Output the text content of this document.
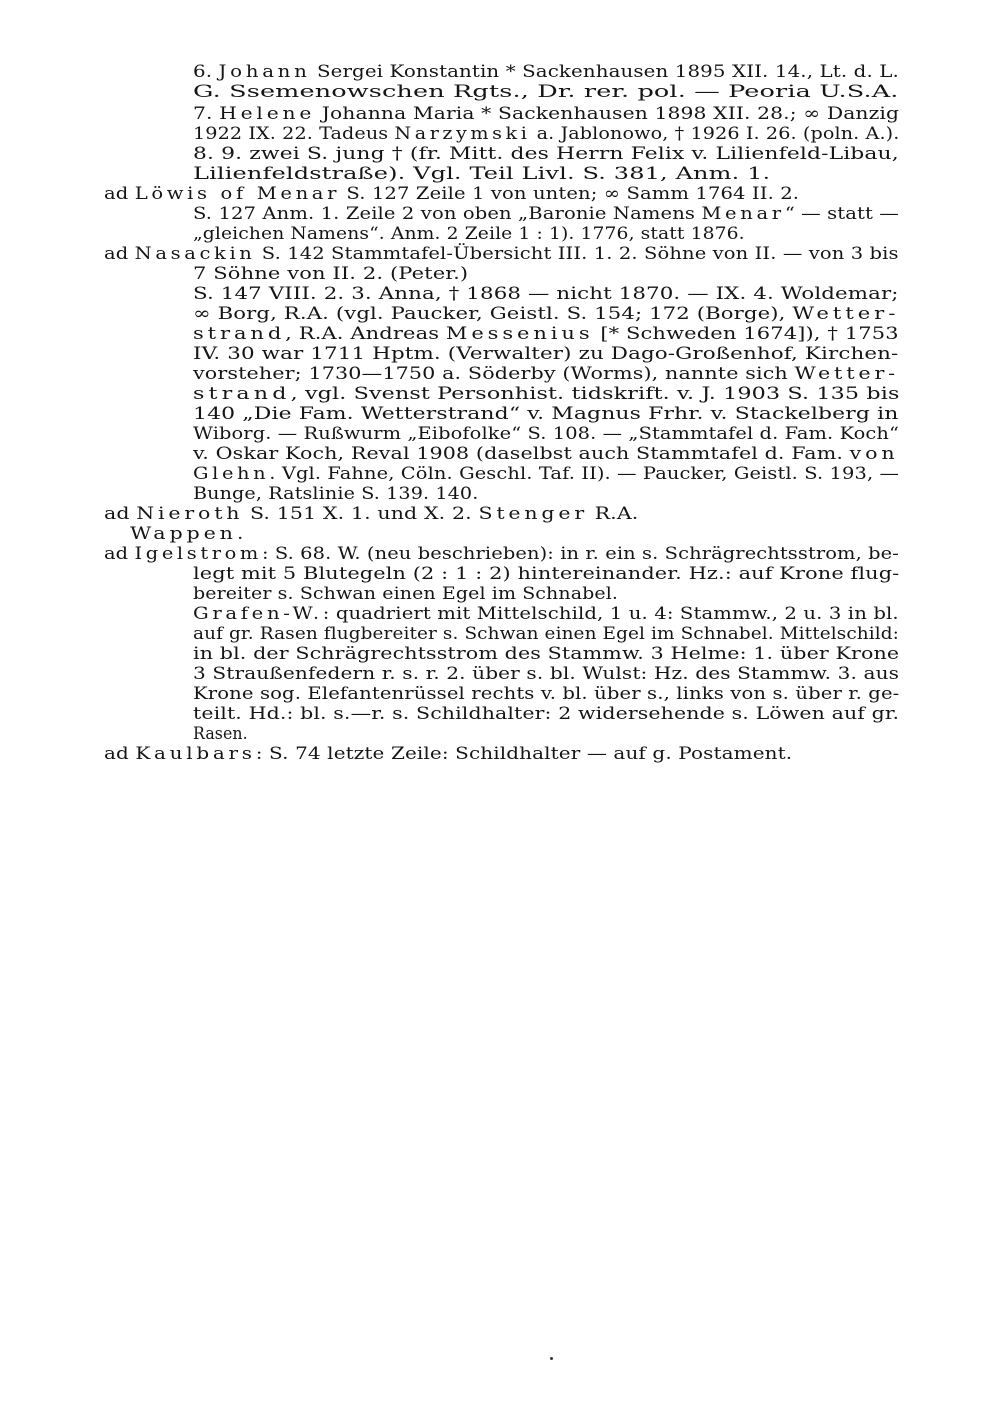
6. Johann Sergei Konstantin * Sackenhausen 1895 XII. 14., Lt. d. L.
G. Ssemenowschen Rgts., Dr. rer. pol. — Peoria U.S.A.
7. Helene Johanna Maria * Sackenhausen 1898 XII. 28.; ∞ Danzig
1922 IX. 22. Tadeus Narzymski a. Jablonowo, † 1926 I. 26. (poln. A.).
8. 9. zwei S. jung † (fr. Mitt. des Herrn Felix v. Lilienfeld-Libau,
Lilienfeldstraße). Vgl. Teil Livl. S. 381, Anm. 1.
ad Löwis of Menar S. 127 Zeile 1 von unten; ∞ Samm 1764 II. 2.
S. 127 Anm. 1. Zeile 2 von oben „Baronie Namens Menar“ — statt —
„gleichen Namens“. Anm. 2 Zeile 1 : 1). 1776, statt 1876.
ad Nasackin S. 142 Stammtafel-Übersicht III. 1. 2. Söhne von II. — von 3 bis
7 Söhne von II. 2. (Peter.)
S. 147 VIII. 2. 3. Anna, † 1868 — nicht 1870. — IX. 4. Woldemar;
∞ Borg, R.A. (vgl. Paucker, Geistl. S. 154; 172 (Borge), Wetter-
strand, R.A. Andreas Messenius [* Schweden 1674]), † 1753
IV. 30 war 1711 Hptm. (Verwalter) zu Dago-Großenhof, Kirchen-
vorsteher; 1730—1750 a. Söderby (Worms), nannte sich Wetter-
strand, vgl. Svenst Personhist. tidskrift. v. J. 1903 S. 135 bis
140 „Die Fam. Wetterstrand“ v. Magnus Frhr. v. Stackelberg in
Wiborg. — Rußwurm „Eibofolke“ S. 108. — „Stammtafel d. Fam. Koch“
v. Oskar Koch, Reval 1908 (daselbst auch Stammtafel d. Fam. von
Glehn. Vgl. Fahne, Cöln. Geschl. Taf. II). — Paucker, Geistl. S. 193, —
Bunge, Ratslinie S. 139. 140.
ad Nieroth S. 151 X. 1. und X. 2. Stenger R.A.
Wappen.
ad Igelstrom: S. 68. W. (neu beschrieben): in r. ein s. Schrägrechtsstrom, be-
legt mit 5 Blutegeln (2 : 1 : 2) hintereinander. Hz.: auf Krone flug-
bereiter s. Schwan einen Egel im Schnabel.
Grafen-W.: quadriert mit Mittelschild, 1 u. 4: Stammw., 2 u. 3 in bl.
auf gr. Rasen flugbereiter s. Schwan einen Egel im Schnabel. Mittelschild:
in bl. der Schrägrechtsstrom des Stammw. 3 Helme: 1. über Krone
3 Straußenfedern r. s. r. 2. über s. bl. Wulst: Hz. des Stammw. 3. aus
Krone sog. Elefantenrüssel rechts v. bl. über s., links von s. über r. ge-
teilt. Hd.: bl. s.—r. s. Schildhalter: 2 widersehende s. Löwen auf gr.
Rasen.
ad Kaulbars: S. 74 letzte Zeile: Schildhalter — auf g. Postament.
